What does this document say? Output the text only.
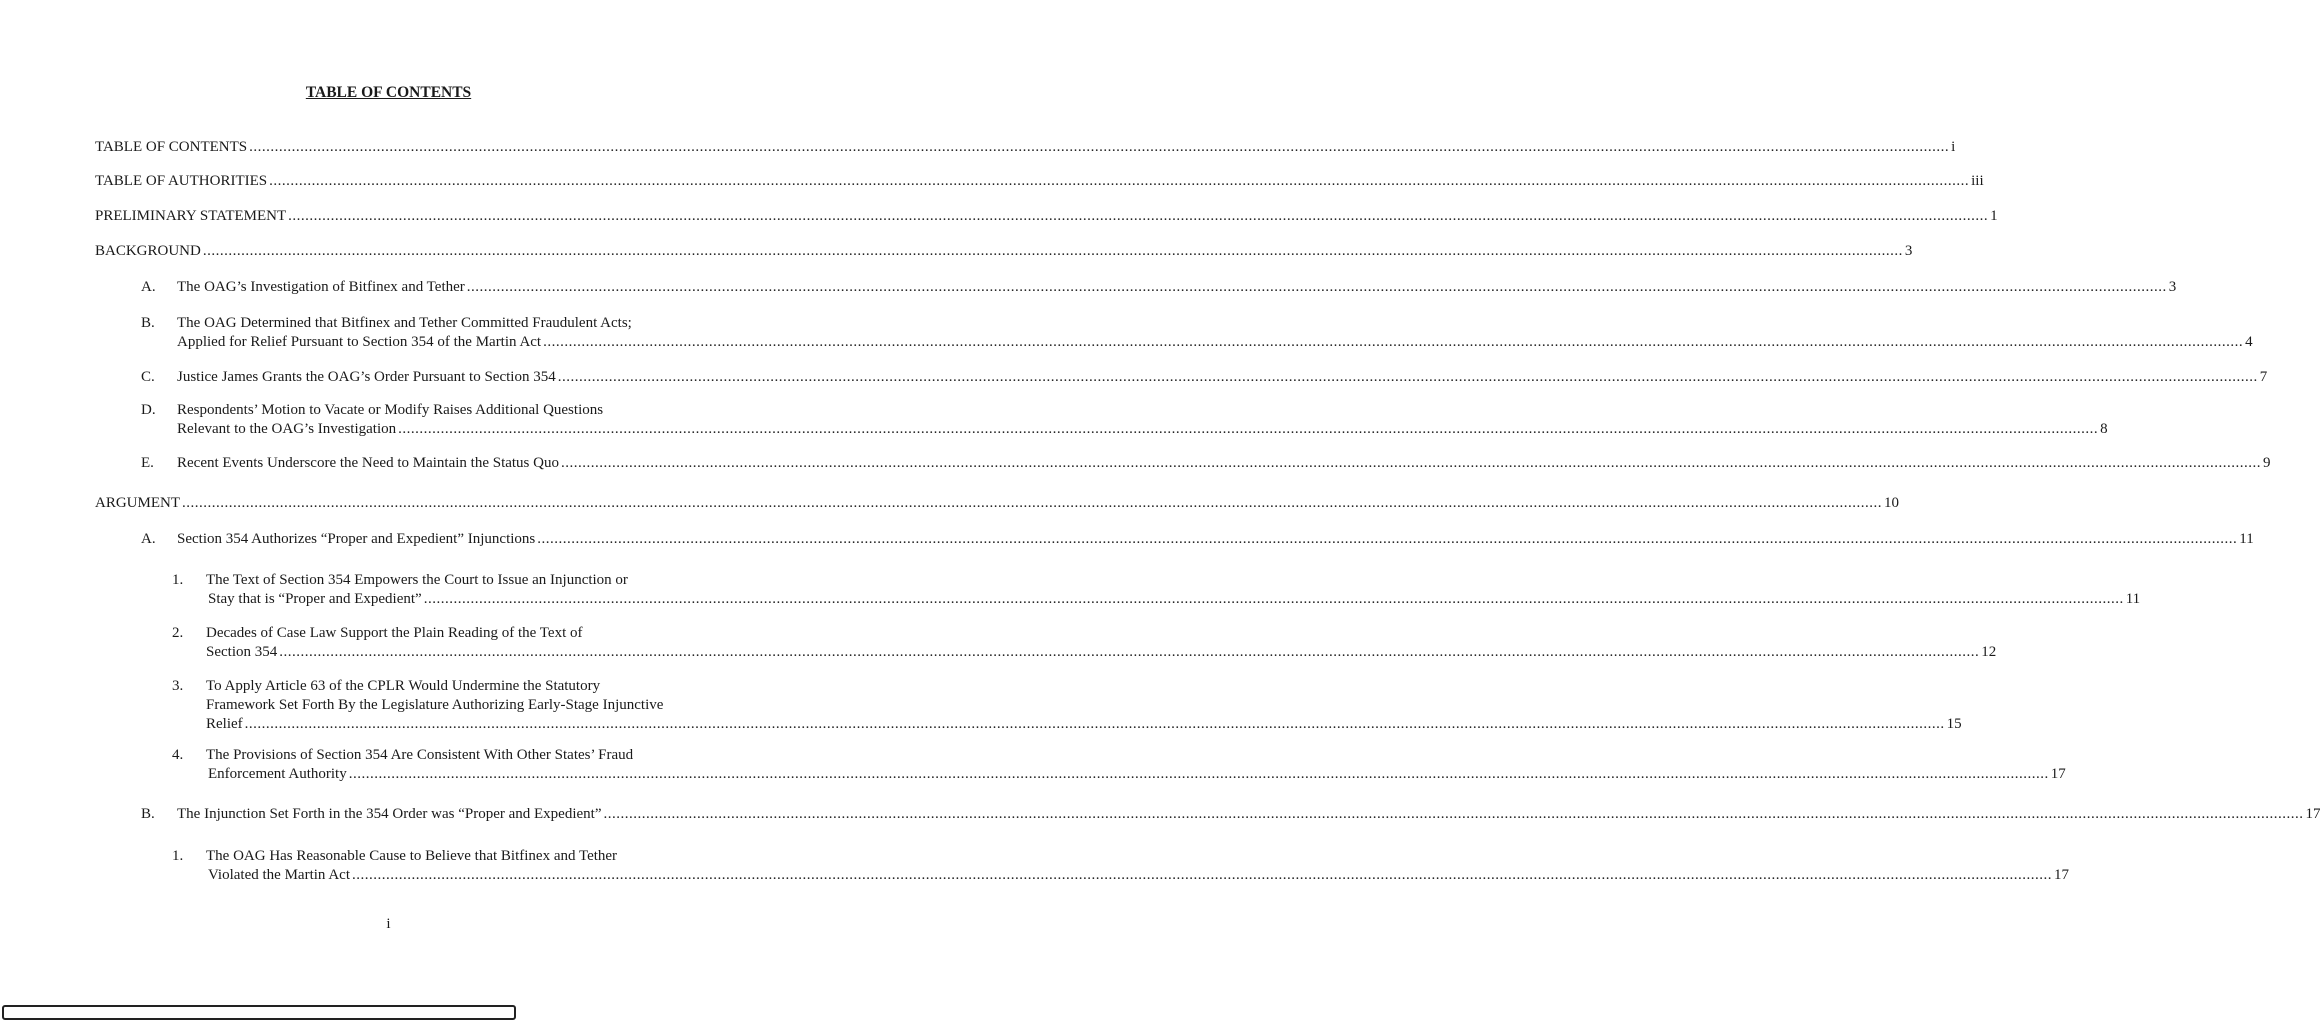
TABLE OF CONTENTS
TABLE OF CONTENTS ................................................................................................................................................................................................................................................................................................................................................................................................................ i
TABLE OF AUTHORITIES ................................................................................................................................................................................................................................................................................................................................................................................................................ iii
PRELIMINARY STATEMENT ................................................................................................................................................................................................................................................................................................................................................................................................................ 1
BACKGROUND ................................................................................................................................................................................................................................................................................................................................................................................................................ 3
A. The OAG’s Investigation of Bitfinex and Tether ................................................................................................................................................................................................................................................................................................................................................................................................................ 3
B. The OAG Determined that Bitfinex and Tether Committed Fraudulent Acts;
Applied for Relief Pursuant to Section 354 of the Martin Act ................................................................................................................................................................................................................................................................................................................................................................................................................ 4
C. Justice James Grants the OAG’s Order Pursuant to Section 354 ................................................................................................................................................................................................................................................................................................................................................................................................................ 7
D. Respondents’ Motion to Vacate or Modify Raises Additional Questions
Relevant to the OAG’s Investigation ................................................................................................................................................................................................................................................................................................................................................................................................................ 8
E. Recent Events Underscore the Need to Maintain the Status Quo ................................................................................................................................................................................................................................................................................................................................................................................................................ 9
ARGUMENT ................................................................................................................................................................................................................................................................................................................................................................................................................ 10
A. Section 354 Authorizes “Proper and Expedient” Injunctions ................................................................................................................................................................................................................................................................................................................................................................................................................ 11
1. The Text of Section 354 Empowers the Court to Issue an Injunction or
Stay that is “Proper and Expedient” ................................................................................................................................................................................................................................................................................................................................................................................................................ 11
2. Decades of Case Law Support the Plain Reading of the Text of
Section 354 ................................................................................................................................................................................................................................................................................................................................................................................................................ 12
3. To Apply Article 63 of the CPLR Would Undermine the Statutory
Framework Set Forth By the Legislature Authorizing Early-Stage Injunctive
Relief ................................................................................................................................................................................................................................................................................................................................................................................................................ 15
4. The Provisions of Section 354 Are Consistent With Other States’ Fraud
Enforcement Authority ................................................................................................................................................................................................................................................................................................................................................................................................................ 17
B. The Injunction Set Forth in the 354 Order was “Proper and Expedient” ................................................................................................................................................................................................................................................................................................................................................................................................................ 17
1. The OAG Has Reasonable Cause to Believe that Bitfinex and Tether
Violated the Martin Act ................................................................................................................................................................................................................................................................................................................................................................................................................ 17
i
